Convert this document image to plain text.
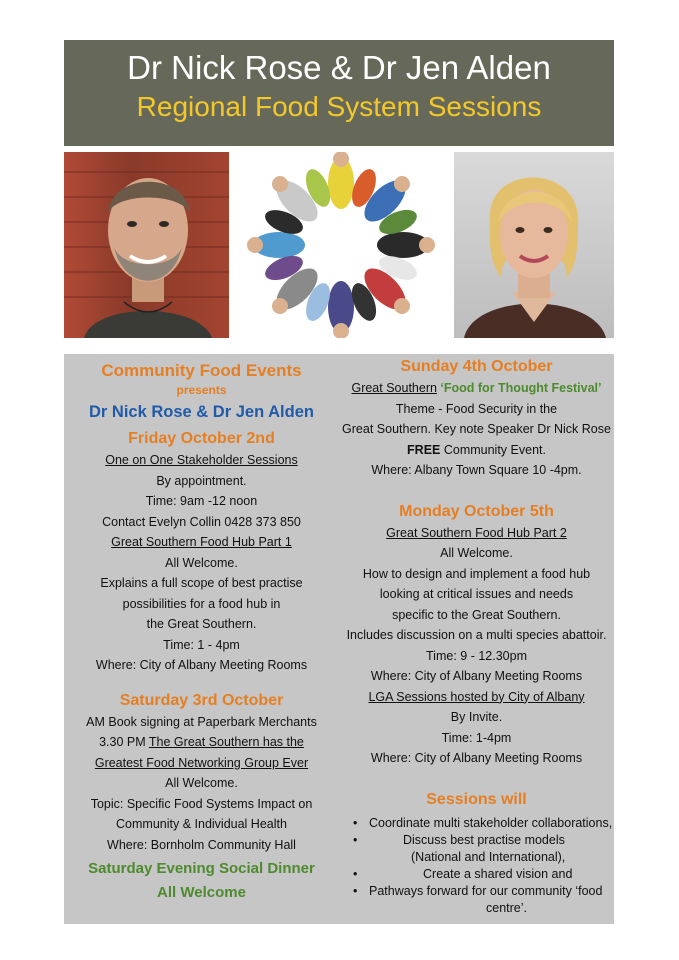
Dr Nick Rose & Dr Jen Alden
Regional Food System Sessions
Community Food Events
presents
Dr Nick Rose & Dr Jen Alden
Friday October 2nd
One on One Stakeholder Sessions
By appointment.
Time: 9am -12 noon
Contact Evelyn Collin 0428 373 850
Great Southern Food Hub Part 1
All Welcome.
Explains a full scope of best practise
possibilities for a food hub in
the Great Southern.
Time: 1 - 4pm
Where: City of Albany Meeting Rooms
Saturday 3rd October
AM Book signing at Paperbark Merchants
3.30 PM The Great Southern has the
Greatest Food Networking Group Ever
All Welcome.
Topic: Specific Food Systems Impact on
Community & Individual Health
Where: Bornholm Community Hall
Saturday Evening Social Dinner
All Welcome
Sunday 4th October
Great Southern ‘Food for Thought Festival’
Theme - Food Security in the
Great Southern. Key note Speaker Dr Nick Rose
FREE Community Event.
Where: Albany Town Square 10 -4pm.
Monday October 5th
Great Southern Food Hub Part 2
All Welcome.
How to design and implement a food hub
looking at critical issues and needs
specific to the Great Southern.
Includes discussion on a multi species abattoir.
Time: 9 - 12.30pm
Where: City of Albany Meeting Rooms
LGA Sessions hosted by City of Albany
By Invite.
Time: 1-4pm
Where: City of Albany Meeting Rooms
Sessions will
• Coordinate multi stakeholder collaborations,
• Discuss best practise models
(National and International),
• Create a shared vision and
• Pathways forward for our community ‘food
centre’.
